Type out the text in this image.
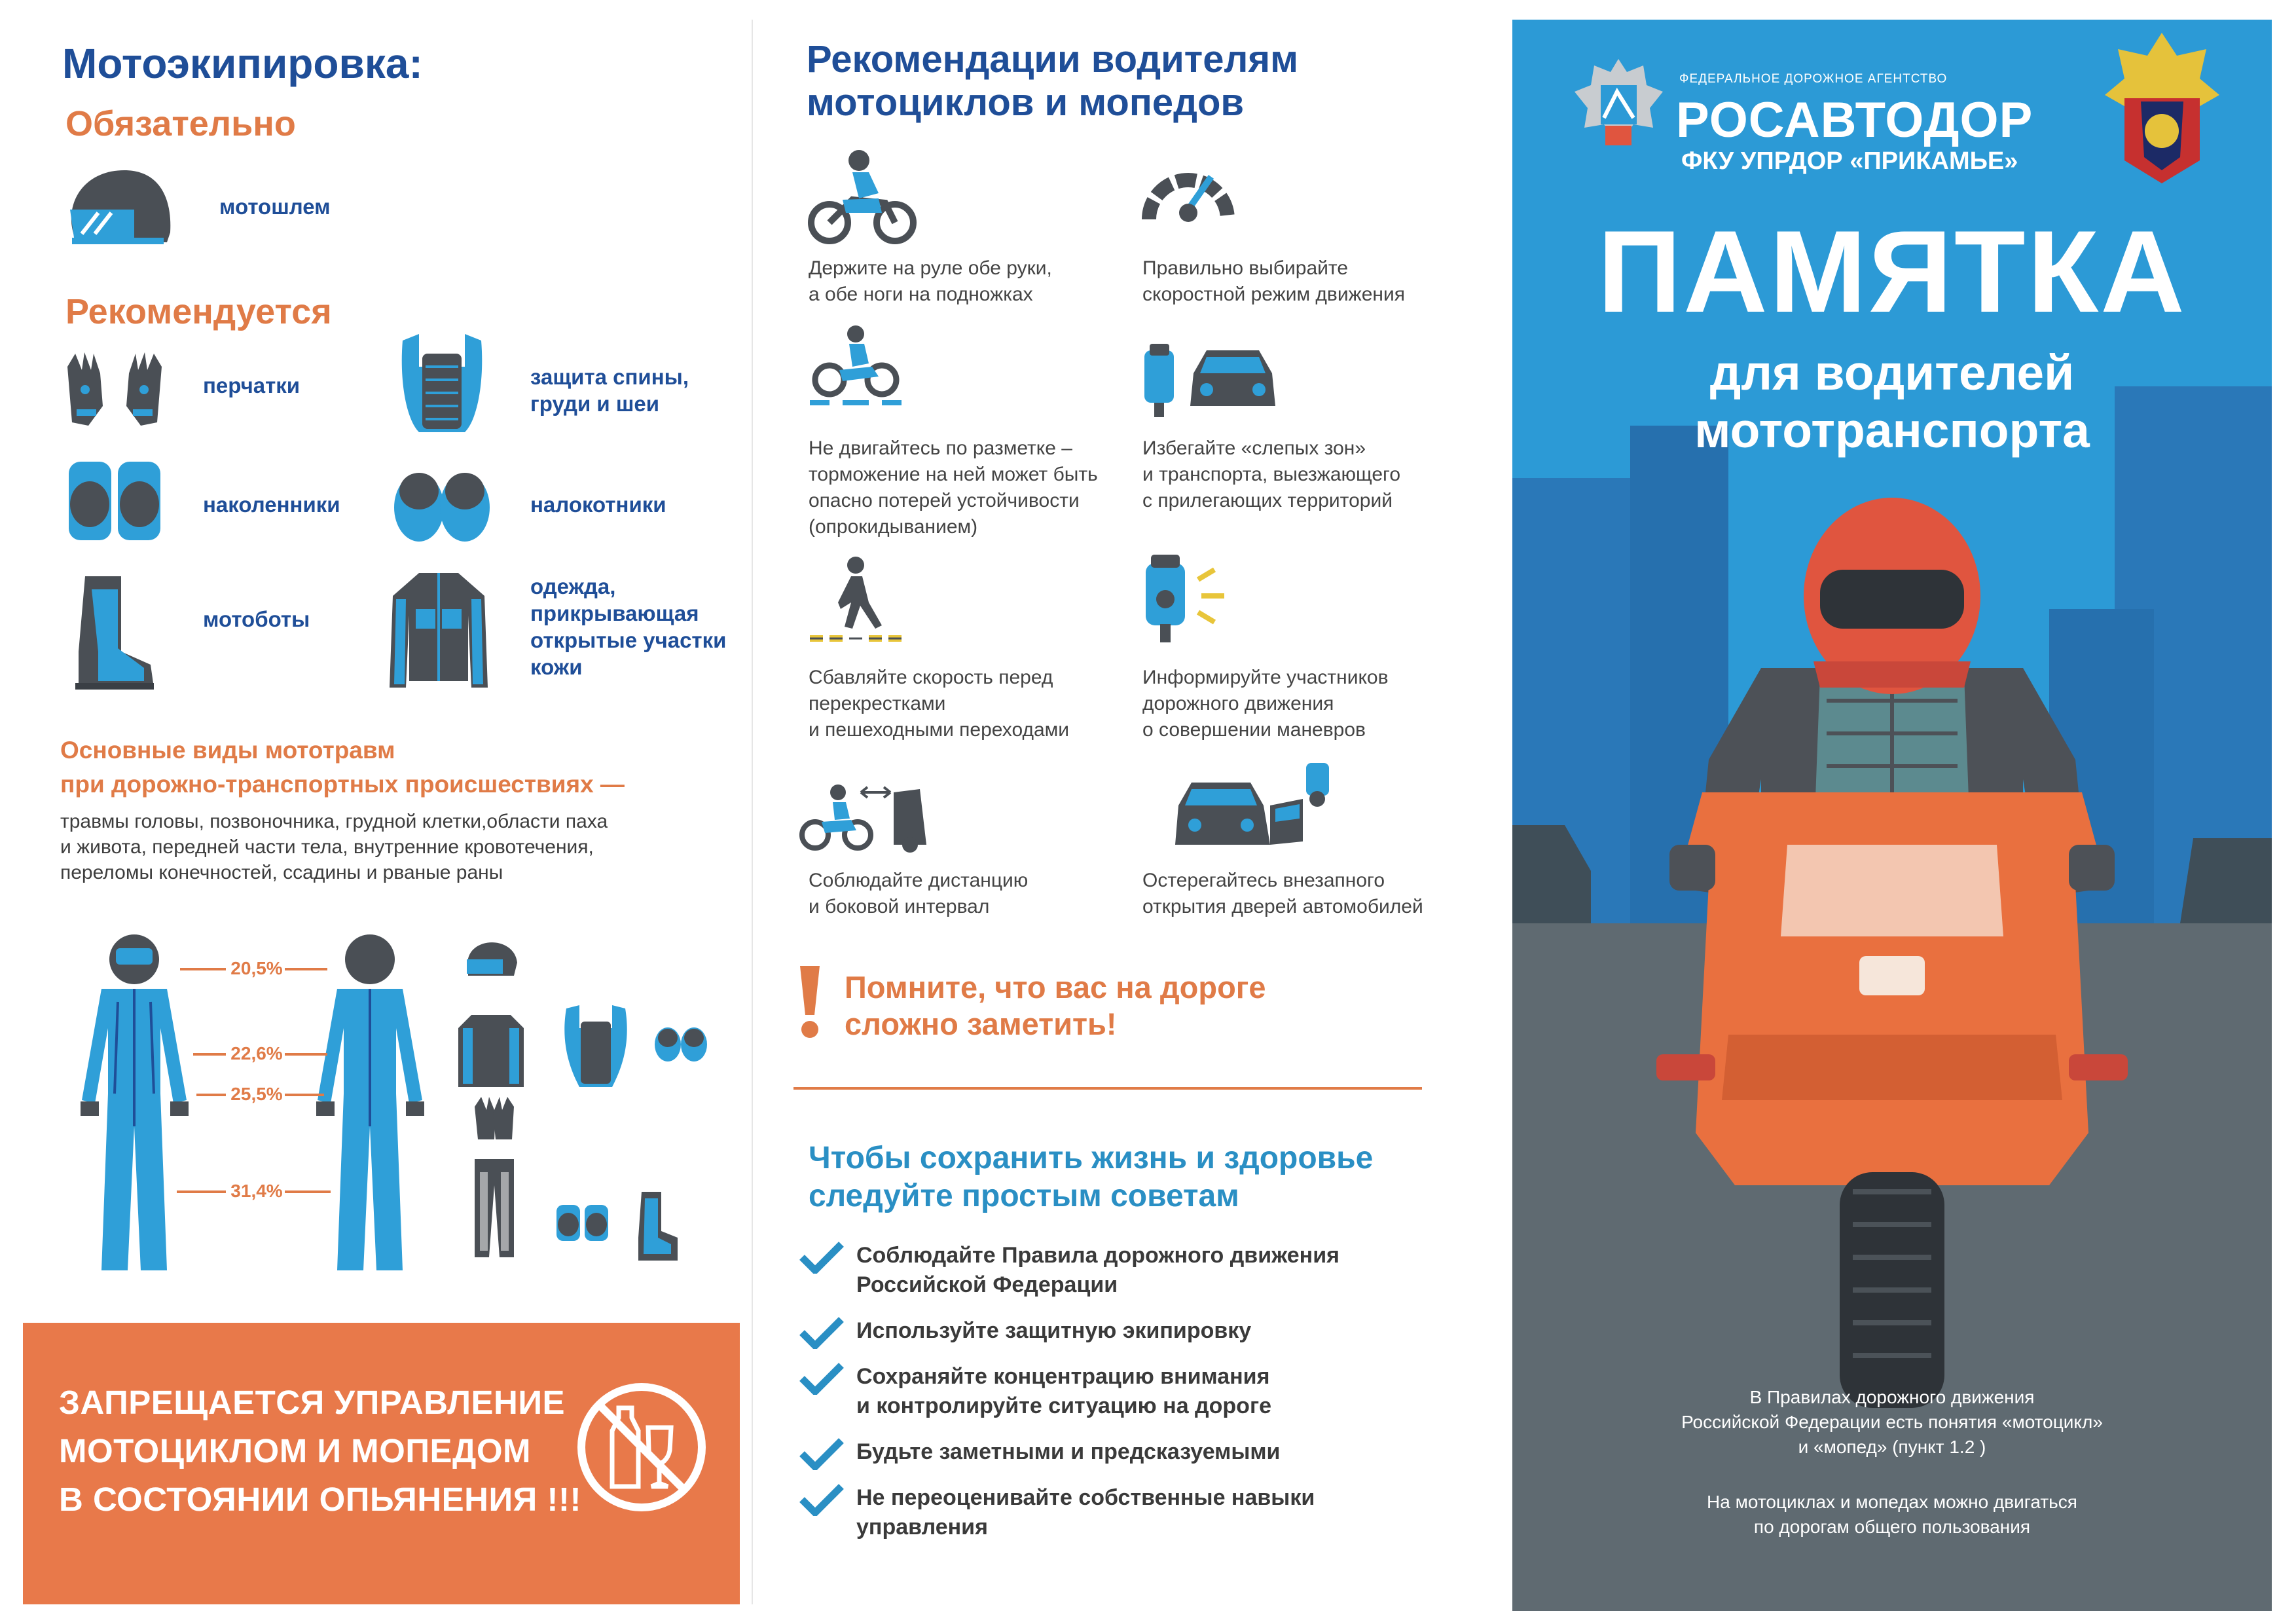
Мотоэкипировка:
Обязательно
мотошлем
Рекомендуется
перчатки	защита спины, груди и шеи
наколенники	налокотники
мотоботы
одежда, прикрывающая открытые участки кожи
Основные виды мототравм
при дорожно-транспортных происшествиях —
травмы головы, позвоночника, грудной клетки,области паха
и живота, передней части тела, внутренние кровотечения,
переломы конечностей, ссадины и рваные раны
20,5%
22,6%
25,5%
31,4%
ЗАПРЕЩАЕТСЯ УПРАВЛЕНИЕ
МОТОЦИКЛОМ И МОПЕДОМ
В СОСТОЯНИИ ОПЬЯНЕНИЯ !!!
Рекомендации водителям
мотоциклов и мопедов
Держите на руле обе руки,
а обе ноги на подножках
Правильно выбирайте
скоростной режим движения
Не двигайтесь по разметке –
торможение на ней может быть
опасно потерей устойчивости
(опрокидыванием)
Избегайте «слепых зон»
и транспорта, выезжающего
с прилегающих территорий
Сбавляйте скорость перед
перекрестками
и пешеходными переходами
Информируйте участников
дорожного движения
о совершении маневров
Соблюдайте дистанцию
и боковой интервал
Остерегайтесь внезапного
открытия дверей автомобилей
Помните, что вас на дороге
сложно заметить!
Чтобы сохранить жизнь и здоровье
следуйте простым советам
Соблюдайте Правила дорожного движения
Российской Федерации
Используйте защитную экипировку
Сохраняйте концентрацию внимания
и контролируйте ситуацию на дороге
Будьте заметными и предсказуемыми
Не переоценивайте собственные навыки
управления
ФЕДЕРАЛЬНОЕ ДОРОЖНОЕ АГЕНТСТВО
РОСАВТОДОР
ФКУ УПРДОР «ПРИКАМЬЕ»
ПАМЯТКА
для водителей
мототранспорта
В Правилах дорожного движения
Российской Федерации есть понятия «мотоцикл»
и «мопед» (пункт 1.2 )
На мотоциклах и мопедах можно двигаться
по дорогам общего пользования
